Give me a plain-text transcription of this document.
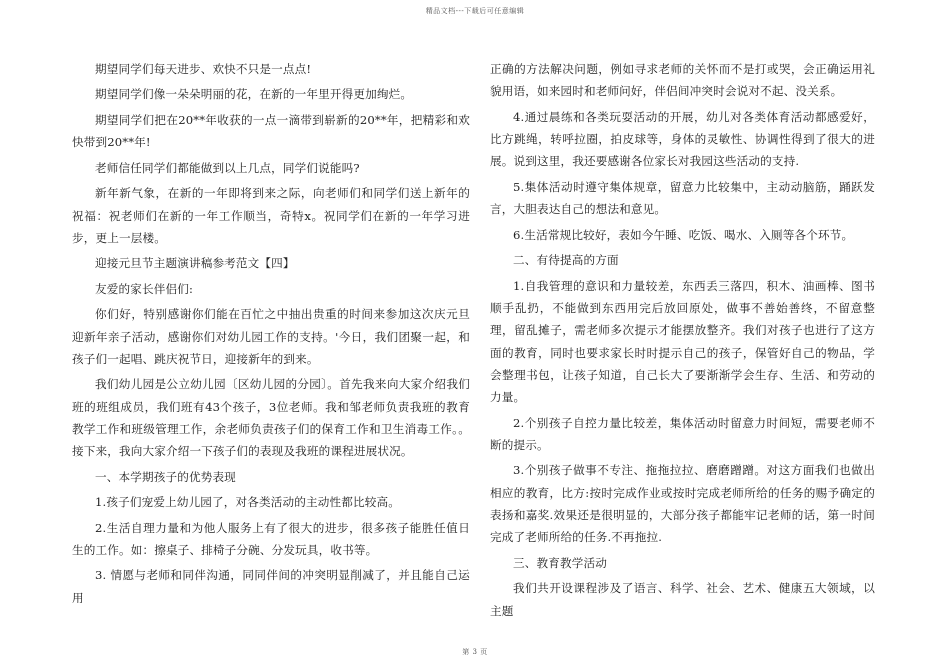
精品文档---下载后可任意编辑

期望同学们每天进步、欢快不只是一点点!

期望同学们像一朵朵明丽的花，在新的一年里开得更加绚烂。

期望同学们把在20**年收获的一点一滴带到崭新的20**年，把精彩和欢快带到20**年!

老师信任同学们都能做到以上几点，同学们说能吗?

新年新气象，在新的一年即将到来之际，向老师们和同学们送上新年的祝福：祝老师们在新的一年工作顺当，奇特x。祝同学们在新的一年学习进步，更上一层楼。

迎接元旦节主题演讲稿参考范文【四】

友爱的家长伴侣们:

你们好，特别感谢你们能在百忙之中抽出贵重的时间来参加这次庆元旦迎新年亲子活动，感谢你们对幼儿园工作的支持。'今日，我们团聚一起，和孩子们一起唱、跳庆祝节日，迎接新年的到来。

我们幼儿园是公立幼儿园〔区幼儿园的分园〕。首先我来向大家介绍我们班的班组成员，我们班有43个孩子，3位老师。我和邹老师负责我班的教育教学工作和班级管理工作，余老师负责孩子们的保育工作和卫生消毒工作。。接下来，我向大家介绍一下孩子们的表现及我班的课程进展状况。

一、本学期孩子的优势表现

1.孩子们宠爱上幼儿园了，对各类活动的主动性都比较高。

2.生活自理力量和为他人服务上有了很大的进步，很多孩子能胜任值日生的工作。如：擦桌子、排椅子分碗、分发玩具，收书等。

3. 情愿与老师和同伴沟通，同同伴间的冲突明显削减了，并且能自己运用

正确的方法解决问题，例如寻求老师的关怀而不是打或哭，会正确运用礼貌用语，如来园时和老师问好，伴侣间冲突时会说对不起、没关系。

4.通过晨练和各类玩耍活动的开展，幼儿对各类体育活动都感爱好，比方跳绳，转呼拉圈，拍皮球等，身体的灵敏性、协调性得到了很大的进展。说到这里，我还要感谢各位家长对我园这些活动的支持.

5.集体活动时遵守集体规章，留意力比较集中，主动动脑筋，踊跃发言，大胆表达自己的想法和意见。

6.生活常规比较好，表如今午睡、吃饭、喝水、入厕等各个环节。

二、有待提高的方面

1.自我管理的意识和力量较差，东西丢三落四，积木、油画棒、图书顺手乱扔，不能做到东西用完后放回原处，做事不善始善终，不留意整理，留乱摊子，需老师多次提示才能摆放整齐。我们对孩子也进行了这方面的教育，同时也要求家长时时提示自己的孩子，保管好自己的物品，学会整理书包，让孩子知道，自己长大了要渐渐学会生存、生活、和劳动的力量。

2.个别孩子自控力量比较差，集体活动时留意力时间短，需要老师不断的提示。

3.个别孩子做事不专注、拖拖拉拉、磨磨蹭蹭。对这方面我们也做出相应的教育，比方:按时完成作业或按时完成老师所给的任务的赐予确定的表扬和嘉奖.效果还是很明显的，大部分孩子都能牢记老师的话，第一时间完成了老师所给的任务.不再拖拉.

三、教育教学活动

我们共开设课程涉及了语言、科学、社会、艺术、健康五大领域，以主题

第 3 页
